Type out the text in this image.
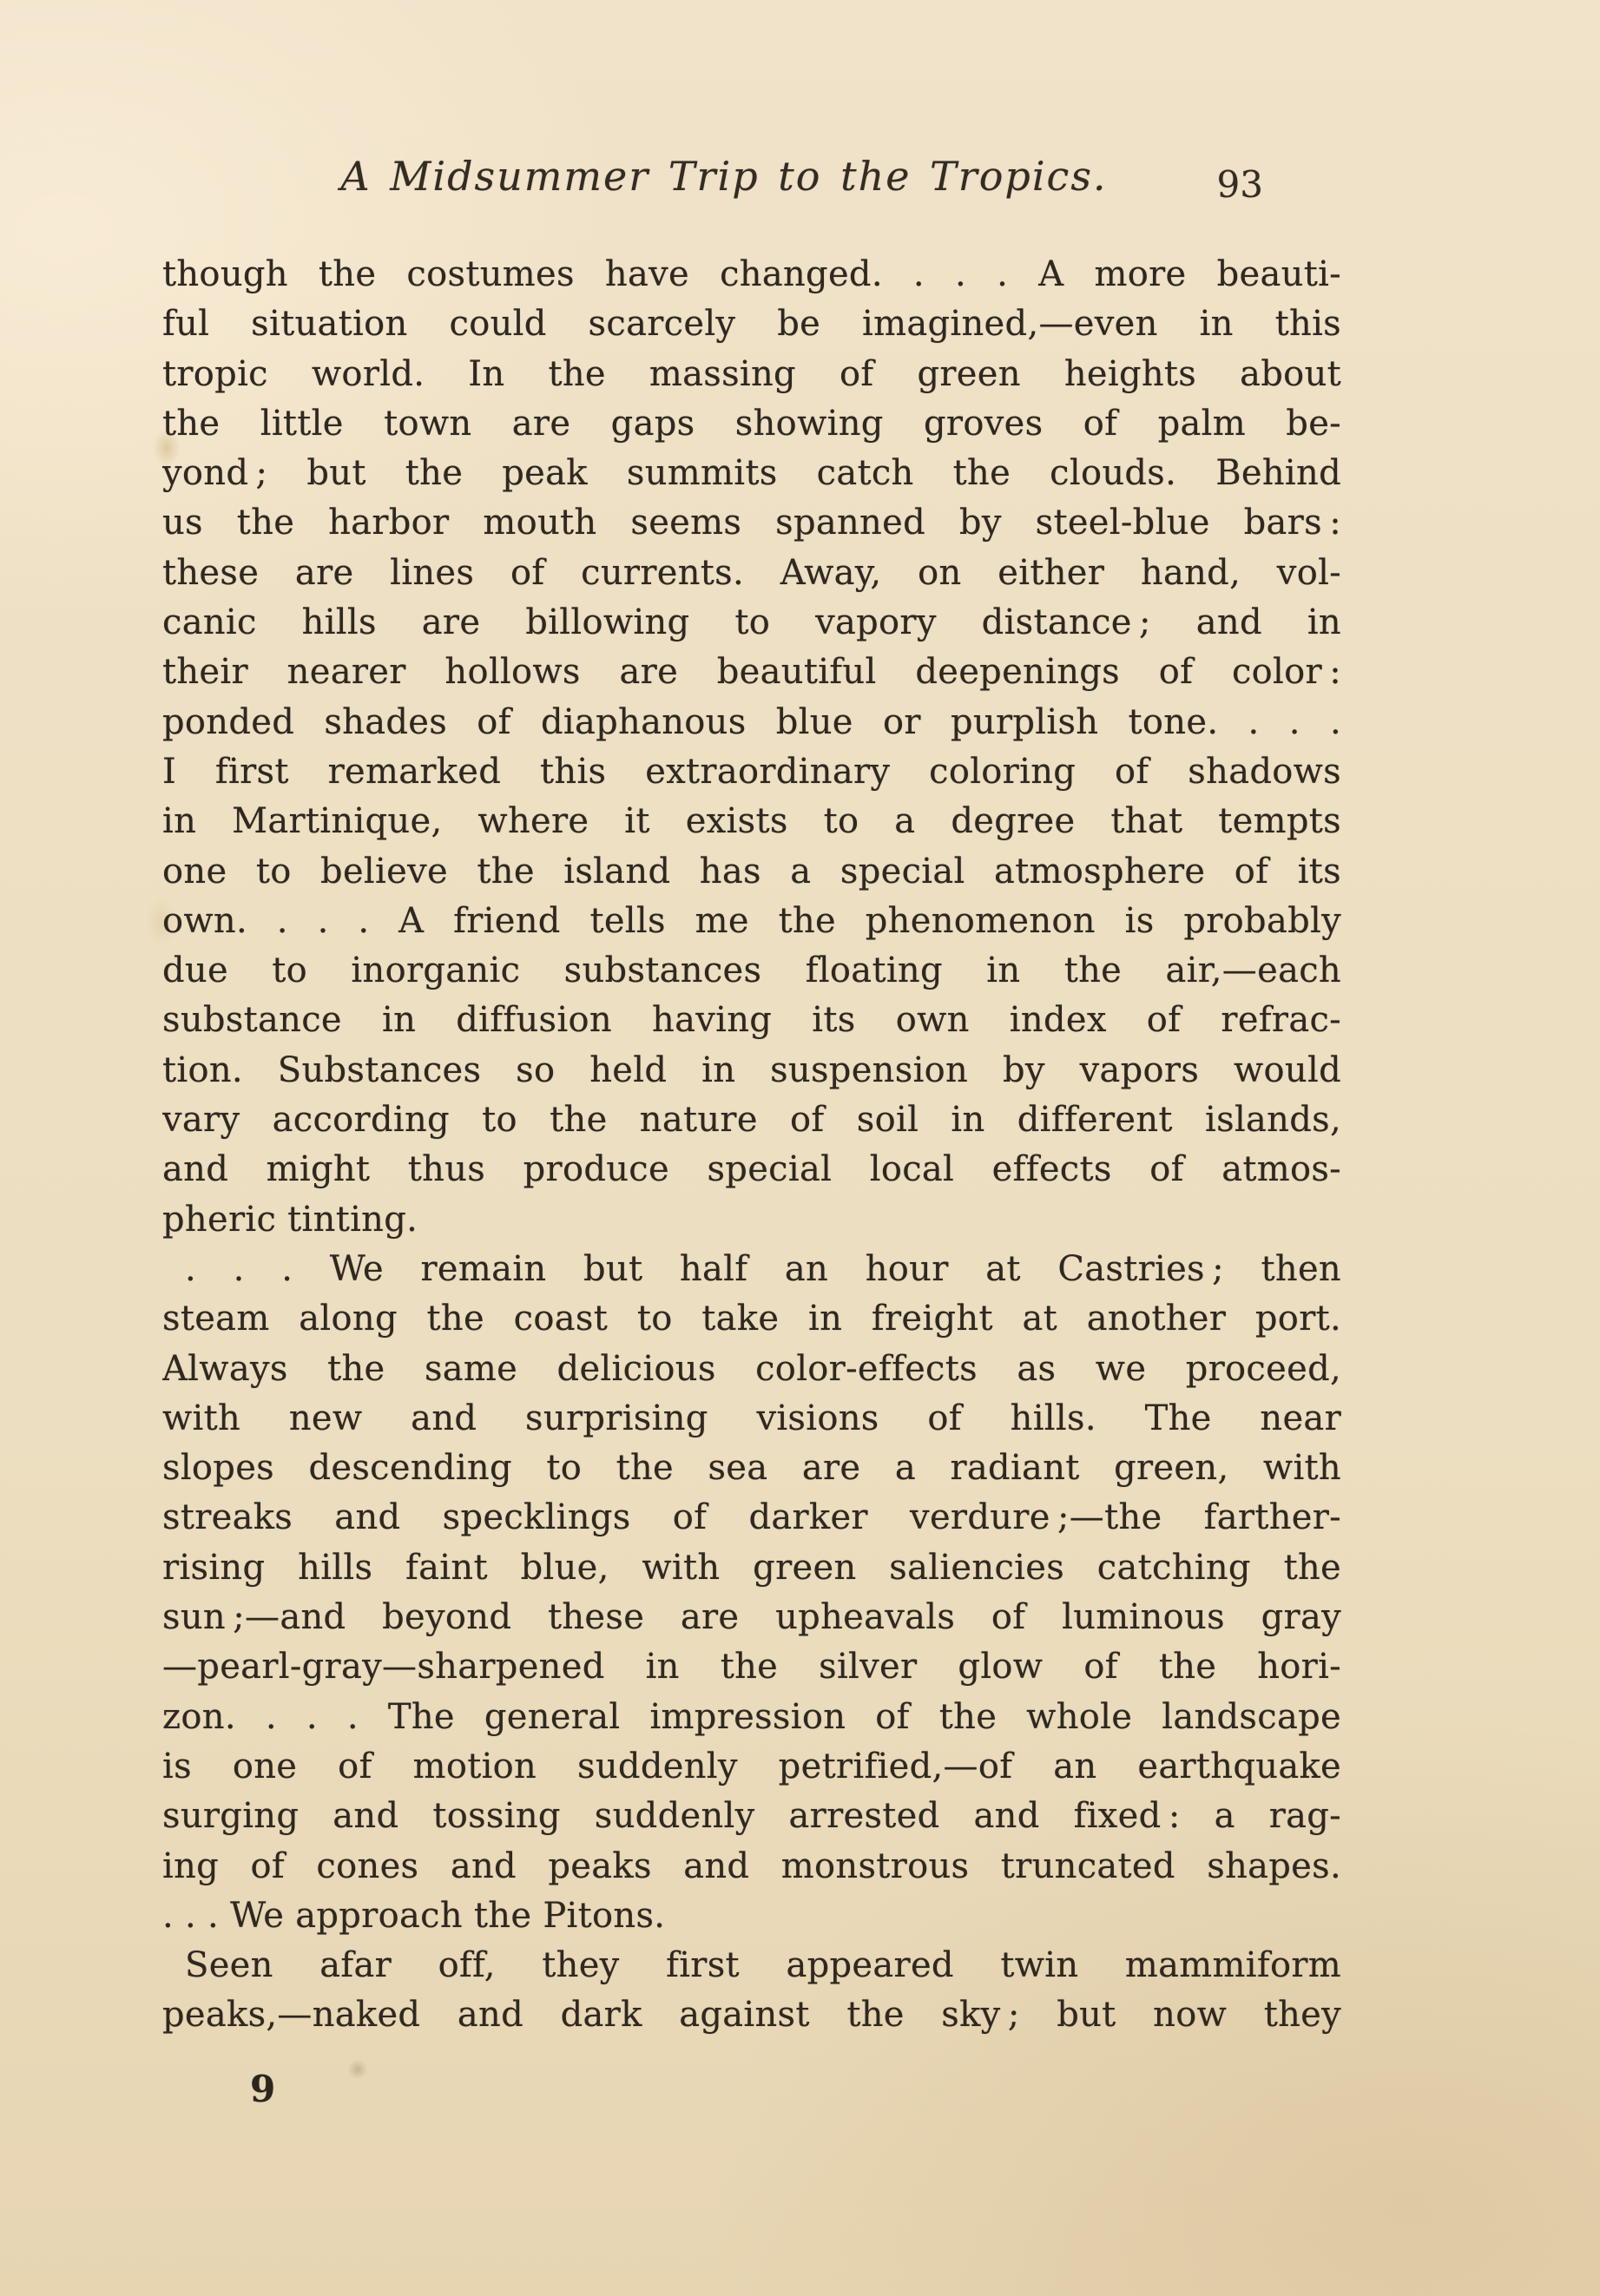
A Midsummer Trip to the Tropics.	93
though the costumes have changed. . . . A more beauti-
ful situation could scarcely be imagined,—even in this
tropic world. In the massing of green heights about
the little town are gaps showing groves of palm be-
yond ; but the peak summits catch the clouds. Behind
us the harbor mouth seems spanned by steel-blue bars :
these are lines of currents. Away, on either hand, vol-
canic hills are billowing to vapory distance ; and in
their nearer hollows are beautiful deepenings of color :
ponded shades of diaphanous blue or purplish tone. . . .
I first remarked this extraordinary coloring of shadows
in Martinique, where it exists to a degree that tempts
one to believe the island has a special atmosphere of its
own. . . . A friend tells me the phenomenon is probably
due to inorganic substances floating in the air,—each
substance in diffusion having its own index of refrac-
tion. Substances so held in suspension by vapors would
vary according to the nature of soil in different islands,
and might thus produce special local effects of atmos-
pheric tinting.
. . . We remain but half an hour at Castries ; then
steam along the coast to take in freight at another port.
Always the same delicious color-effects as we proceed,
with new and surprising visions of hills. The near
slopes descending to the sea are a radiant green, with
streaks and specklings of darker verdure ;—the farther-
rising hills faint blue, with green saliencies catching the
sun ;—and beyond these are upheavals of luminous gray
—pearl-gray—sharpened in the silver glow of the hori-
zon. . . . The general impression of the whole landscape
is one of motion suddenly petrified,—of an earthquake
surging and tossing suddenly arrested and fixed : a rag-
ing of cones and peaks and monstrous truncated shapes.
. . . We approach the Pitons.
Seen afar off, they first appeared twin mammiform
peaks,—naked and dark against the sky ; but now they
9
